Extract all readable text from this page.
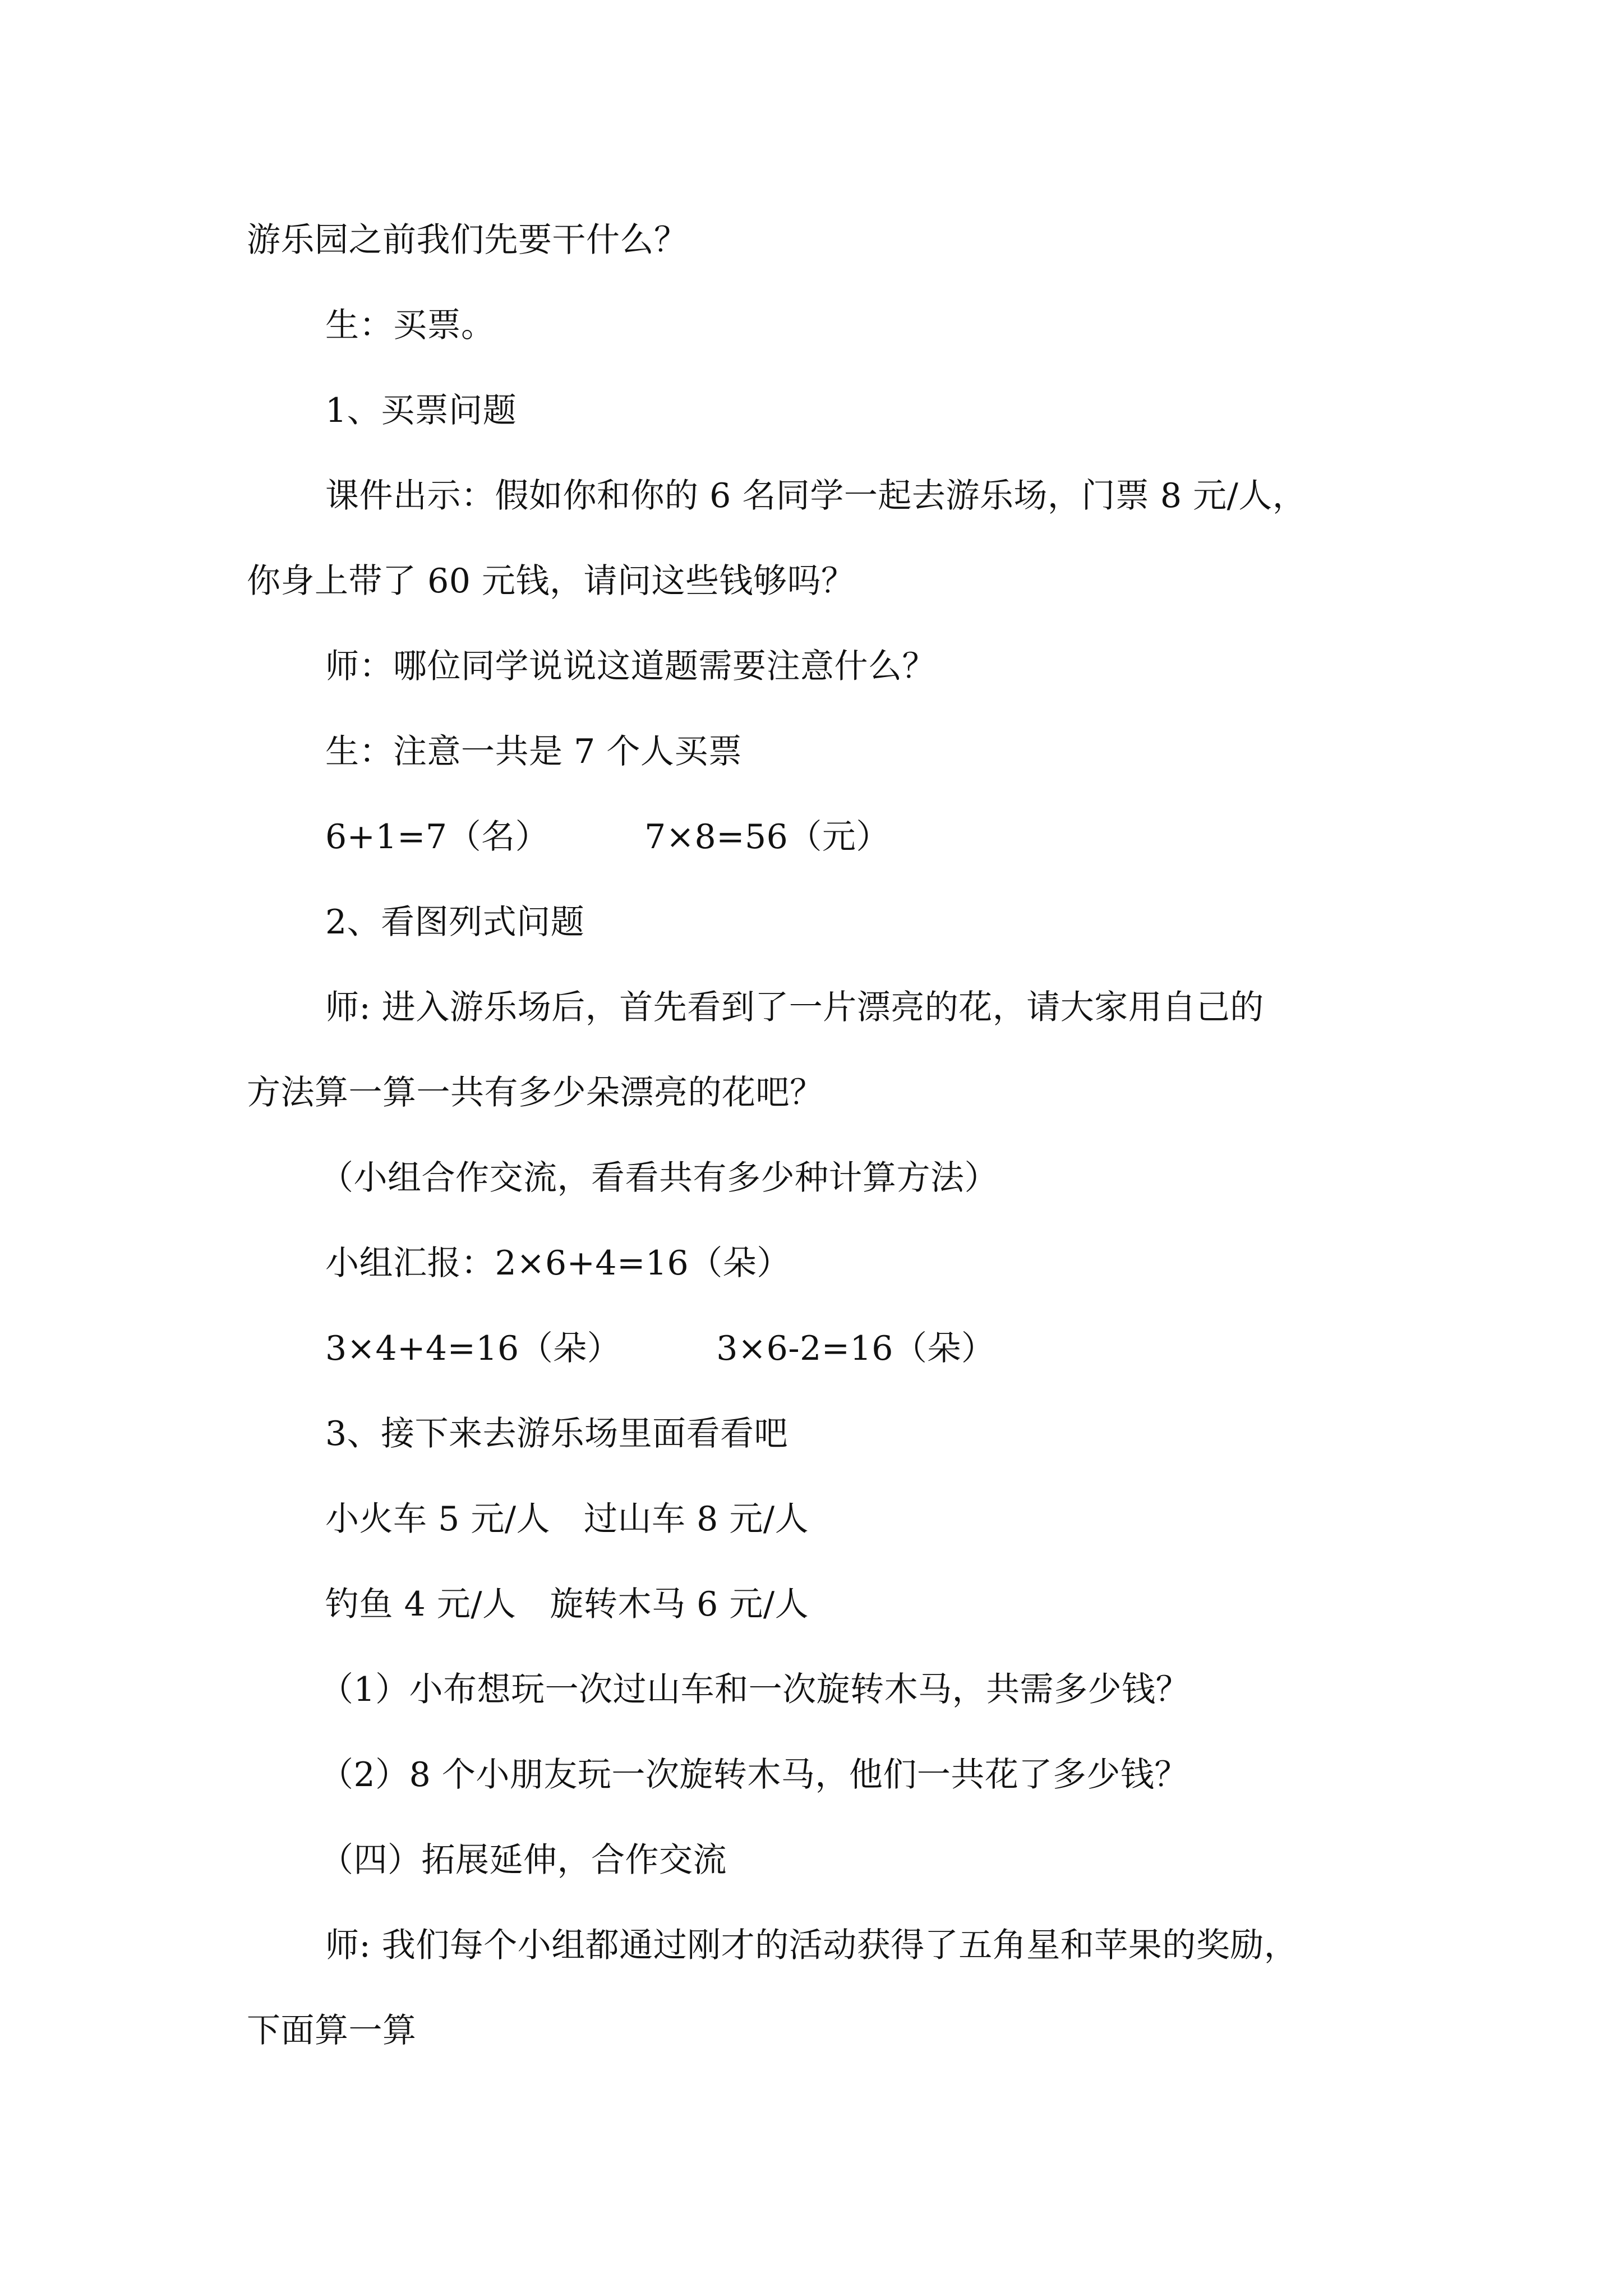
游乐园之前我们先要干什么？
生：买票。
1、买票问题
课件出示：假如你和你的 6 名同学一起去游乐场，门票 8 元/人，
你身上带了 60 元钱，请问这些钱够吗？
师：哪位同学说说这道题需要注意什么？
生：注意一共是 7 个人买票
6+1=7（名）	7×8=56（元）
2、看图列式问题
师: 进入游乐场后，首先看到了一片漂亮的花，请大家用自己的
方法算一算一共有多少朵漂亮的花吧？
（小组合作交流，看看共有多少种计算方法）
小组汇报：2×6+4=16（朵）
3×4+4=16（朵）	3×6-2=16（朵）
3、接下来去游乐场里面看看吧
小火车 5 元/人 过山车 8 元/人
钓鱼 4 元/人 旋转木马 6 元/人
（1）小布想玩一次过山车和一次旋转木马，共需多少钱？
（2）8 个小朋友玩一次旋转木马，他们一共花了多少钱？
（四）拓展延伸，合作交流
师: 我们每个小组都通过刚才的活动获得了五角星和苹果的奖励，
下面算一算
